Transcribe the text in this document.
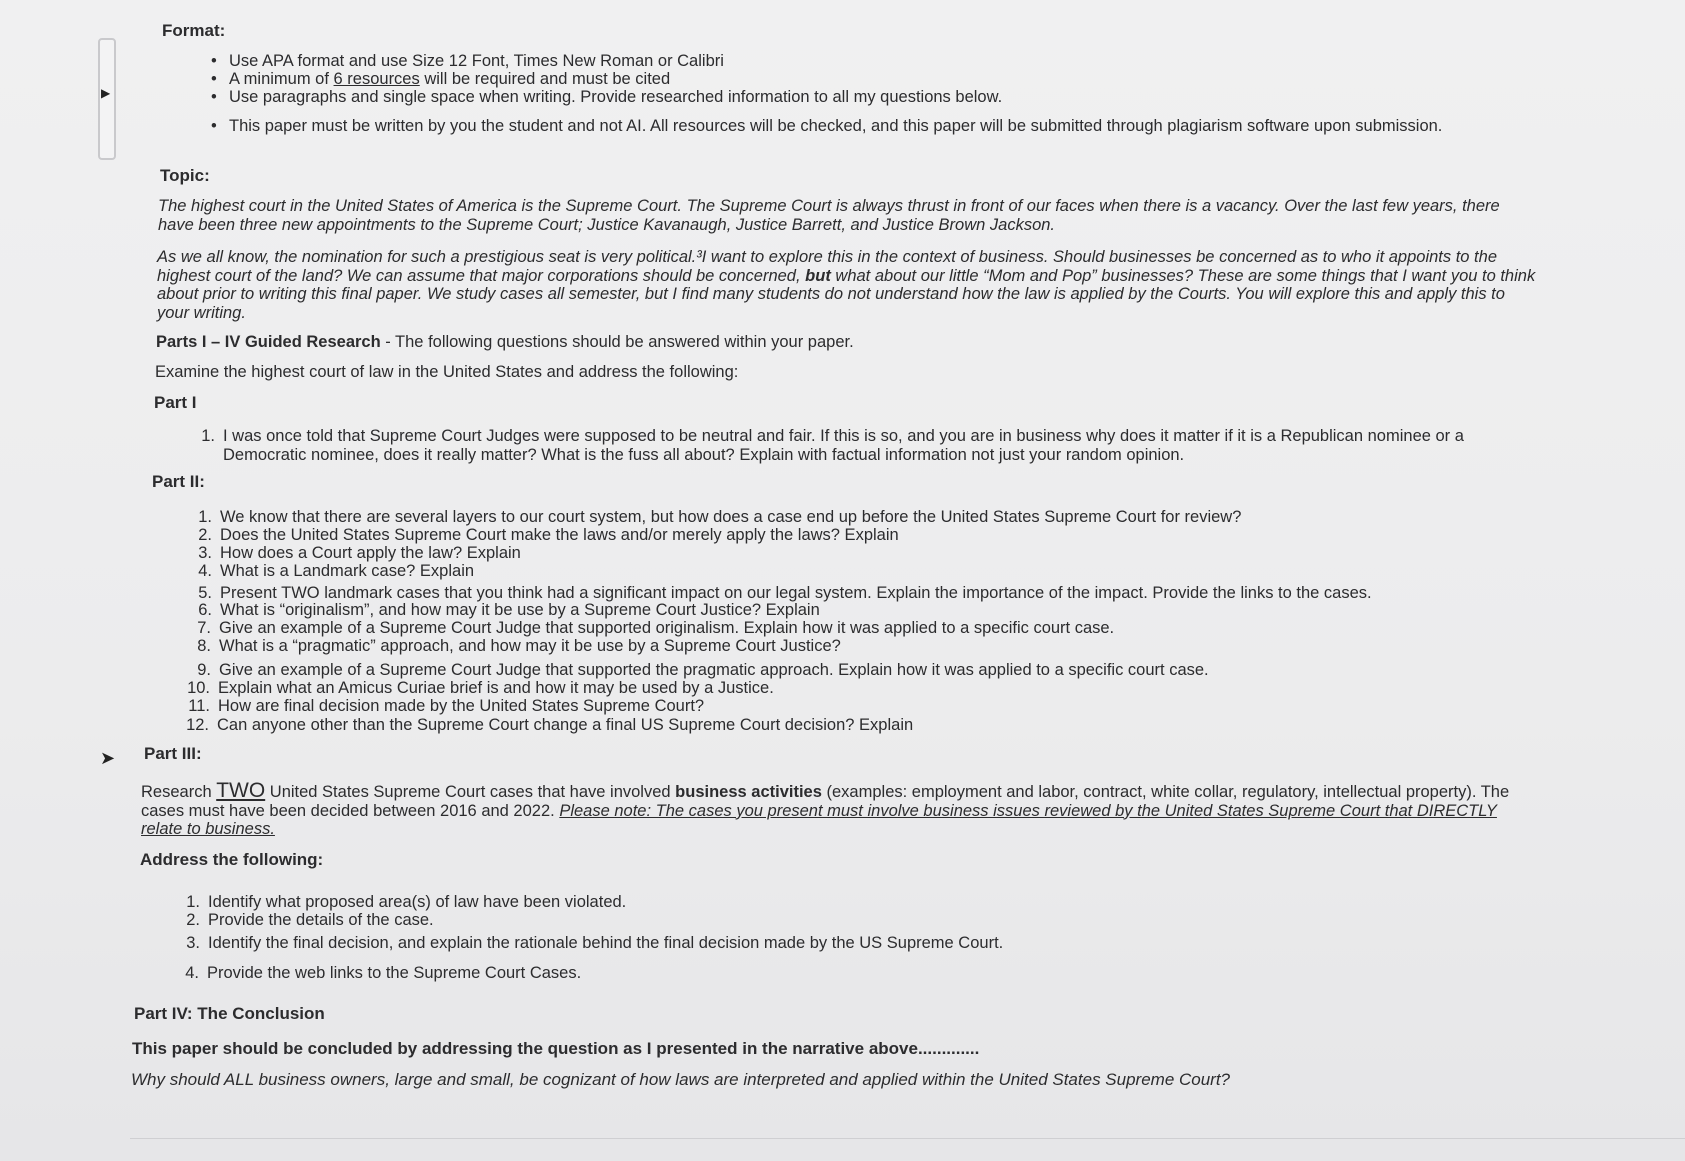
▶
➤
Format:
• Use APA format and use Size 12 Font, Times New Roman or Calibri
• A minimum of 6 resources will be required and must be cited
• Use paragraphs and single space when writing. Provide researched information to all my questions below.
• This paper must be written by you the student and not AI. All resources will be checked, and this paper will be submitted through plagiarism software upon submission.
Topic:
The highest court in the United States of America is the Supreme Court. The Supreme Court is always thrust in front of our faces when there is a vacancy. Over the last few years, there have been three new appointments to the Supreme Court; Justice Kavanaugh, Justice Barrett, and Justice Brown Jackson.
As we all know, the nomination for such a prestigious seat is very political.³I want to explore this in the context of business. Should businesses be concerned as to who it appoints to the highest court of the land? We can assume that major corporations should be concerned, but what about our little “Mom and Pop” businesses? These are some things that I want you to think about prior to writing this final paper. We study cases all semester, but I find many students do not understand how the law is applied by the Courts. You will explore this and apply this to your writing.
Parts I – IV Guided Research - The following questions should be answered within your paper.
Examine the highest court of law in the United States and address the following:
Part I
1. I was once told that Supreme Court Judges were supposed to be neutral and fair. If this is so, and you are in business why does it matter if it is a Republican nominee or a Democratic nominee, does it really matter? What is the fuss all about? Explain with factual information not just your random opinion.
Part II:
1. We know that there are several layers to our court system, but how does a case end up before the United States Supreme Court for review?
2. Does the United States Supreme Court make the laws and/or merely apply the laws? Explain
3. How does a Court apply the law? Explain
4. What is a Landmark case? Explain
5. Present TWO landmark cases that you think had a significant impact on our legal system. Explain the importance of the impact. Provide the links to the cases.
6. What is “originalism”, and how may it be use by a Supreme Court Justice? Explain
7. Give an example of a Supreme Court Judge that supported originalism. Explain how it was applied to a specific court case.
8. What is a “pragmatic” approach, and how may it be use by a Supreme Court Justice?
9. Give an example of a Supreme Court Judge that supported the pragmatic approach. Explain how it was applied to a specific court case.
10. Explain what an Amicus Curiae brief is and how it may be used by a Justice.
11. How are final decision made by the United States Supreme Court?
12. Can anyone other than the Supreme Court change a final US Supreme Court decision? Explain
Part III:
Research TWO United States Supreme Court cases that have involved business activities (examples: employment and labor, contract, white collar, regulatory, intellectual property). The cases must have been decided between 2016 and 2022. Please note: The cases you present must involve business issues reviewed by the United States Supreme Court that DIRECTLY relate to business.
Address the following:
1. Identify what proposed area(s) of law have been violated.
2. Provide the details of the case.
3. Identify the final decision, and explain the rationale behind the final decision made by the US Supreme Court.
4. Provide the web links to the Supreme Court Cases.
Part IV: The Conclusion
This paper should be concluded by addressing the question as I presented in the narrative above.............
Why should ALL business owners, large and small, be cognizant of how laws are interpreted and applied within the United States Supreme Court?
